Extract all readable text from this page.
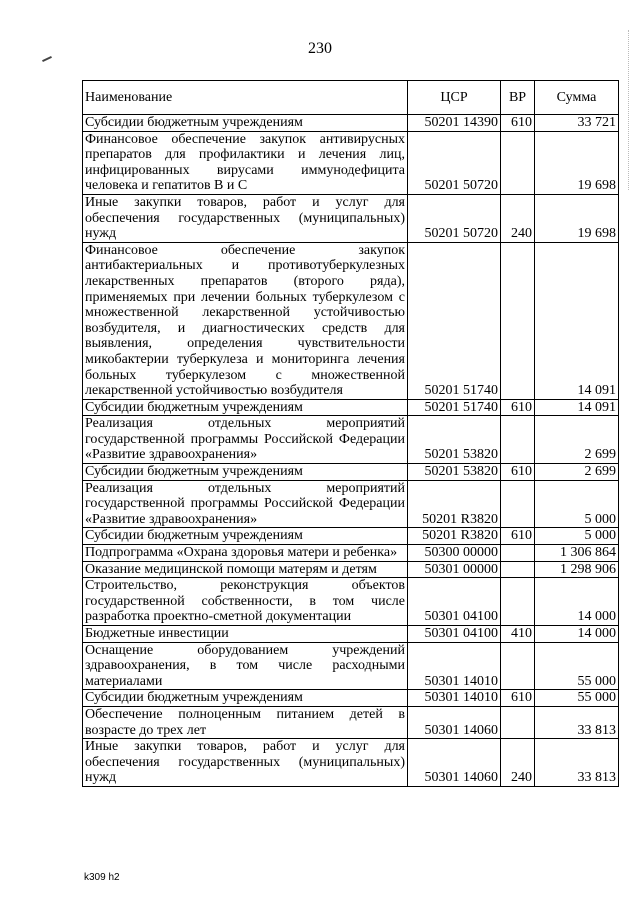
230
Наименование	ЦСР	ВР	Сумма
Субсидии бюджетным учреждениям	50201 14390	610	33 721
Финансовое обеспечение закупок антивирусных препаратов для профилактики и лечения лиц, инфицированных вирусами иммунодефицита человека и гепатитов В и С	50201 50720		19 698
Иные закупки товаров, работ и услуг для обеспечения государственных (муниципальных) нужд	50201 50720	240	19 698
Финансовое обеспечение закупок антибактериальных и противотуберкулезных лекарственных препаратов (второго ряда), применяемых при лечении больных туберкулезом с множественной лекарственной устойчивостью возбудителя, и диагностических средств для выявления, определения чувствительности микобактерии туберкулеза и мониторинга лечения больных туберкулезом с множественной лекарственной устойчивостью возбудителя	50201 51740		14 091
Субсидии бюджетным учреждениям	50201 51740	610	14 091
Реализация отдельных мероприятий государственной программы Российской Федерации «Развитие здравоохранения»	50201 53820		2 699
Субсидии бюджетным учреждениям	50201 53820	610	2 699
Реализация отдельных мероприятий государственной программы Российской Федерации «Развитие здравоохранения»	50201 R3820		5 000
Субсидии бюджетным учреждениям	50201 R3820	610	5 000
Подпрограмма «Охрана здоровья матери и ребенка»	50300 00000		1 306 864
Оказание медицинской помощи матерям и детям	50301 00000		1 298 906
Строительство, реконструкция объектов государственной собственности, в том числе разработка проектно-сметной документации	50301 04100		14 000
Бюджетные инвестиции	50301 04100	410	14 000
Оснащение оборудованием учреждений здравоохранения, в том числе расходными материалами	50301 14010		55 000
Субсидии бюджетным учреждениям	50301 14010	610	55 000
Обеспечение полноценным питанием детей в возрасте до трех лет	50301 14060		33 813
Иные закупки товаров, работ и услуг для обеспечения государственных (муниципальных) нужд	50301 14060	240	33 813
k309 h2
